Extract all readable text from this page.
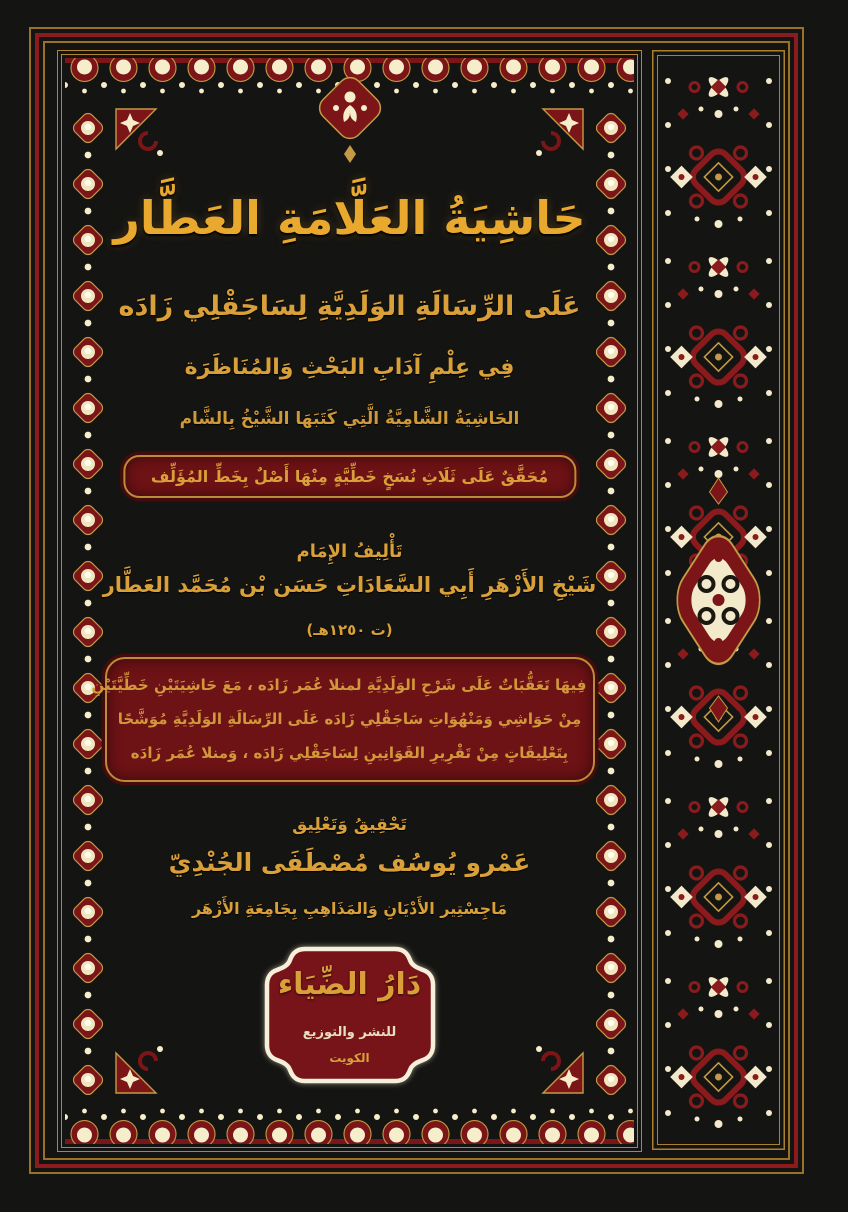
حَاشِيَةُ العَلَّامَةِ العَطَّار
عَلَى الرِّسَالَةِ الوَلَدِيَّةِ لِسَاجَقْلِي زَادَه
فِي عِلْمِ آدَابِ البَحْثِ وَالمُنَاظَرَة
الحَاشِيَةُ الشَّامِيَّةُ الَّتِي كَتَبَهَا الشَّيْخُ بِالشَّام
مُحَقَّقٌ عَلَى ثَلَاثِ نُسَخٍ خَطِّيَّةٍ مِنْهَا أَصْلٌ بِخَطِّ المُؤَلِّف
تَأْلِيفُ الإِمَام
شَيْخِ الأَزْهَرِ أَبِي السَّعَادَاتِ حَسَن بْن مُحَمَّد العَطَّار
(ت ١٢٥٠هـ)
فِيهَا تَعَقُّبَاتٌ عَلَى شَرْحِ الوَلَدِيَّةِ لمنلا عُمَر زَادَه ، مَعَ حَاشِيَتَيْنِ خَطِّيَّتَيْنِ
مِنْ حَوَاشِي وَمَنْهُوَاتِ سَاجَقْلِي زَادَه عَلَى الرِّسَالَةِ الوَلَدِيَّةِ مُوَشَّحًا
بِتَعْلِيقَاتٍ مِنْ تَقْرِيرِ القَوَانِينِ لِسَاجَقْلِي زَادَه ، وَمنلا عُمَر زَادَه
تَحْقِيقُ وَتَعْلِيق
عَمْرو يُوسُف مُصْطَفَى الجُنْدِيّ
مَاجِسْتِير الأَدْيَانِ وَالمَذَاهِبِ بِجَامِعَةِ الأَزْهَر
دَارُ الضِّيَاء
للنشر والتوزيع
الكويت
